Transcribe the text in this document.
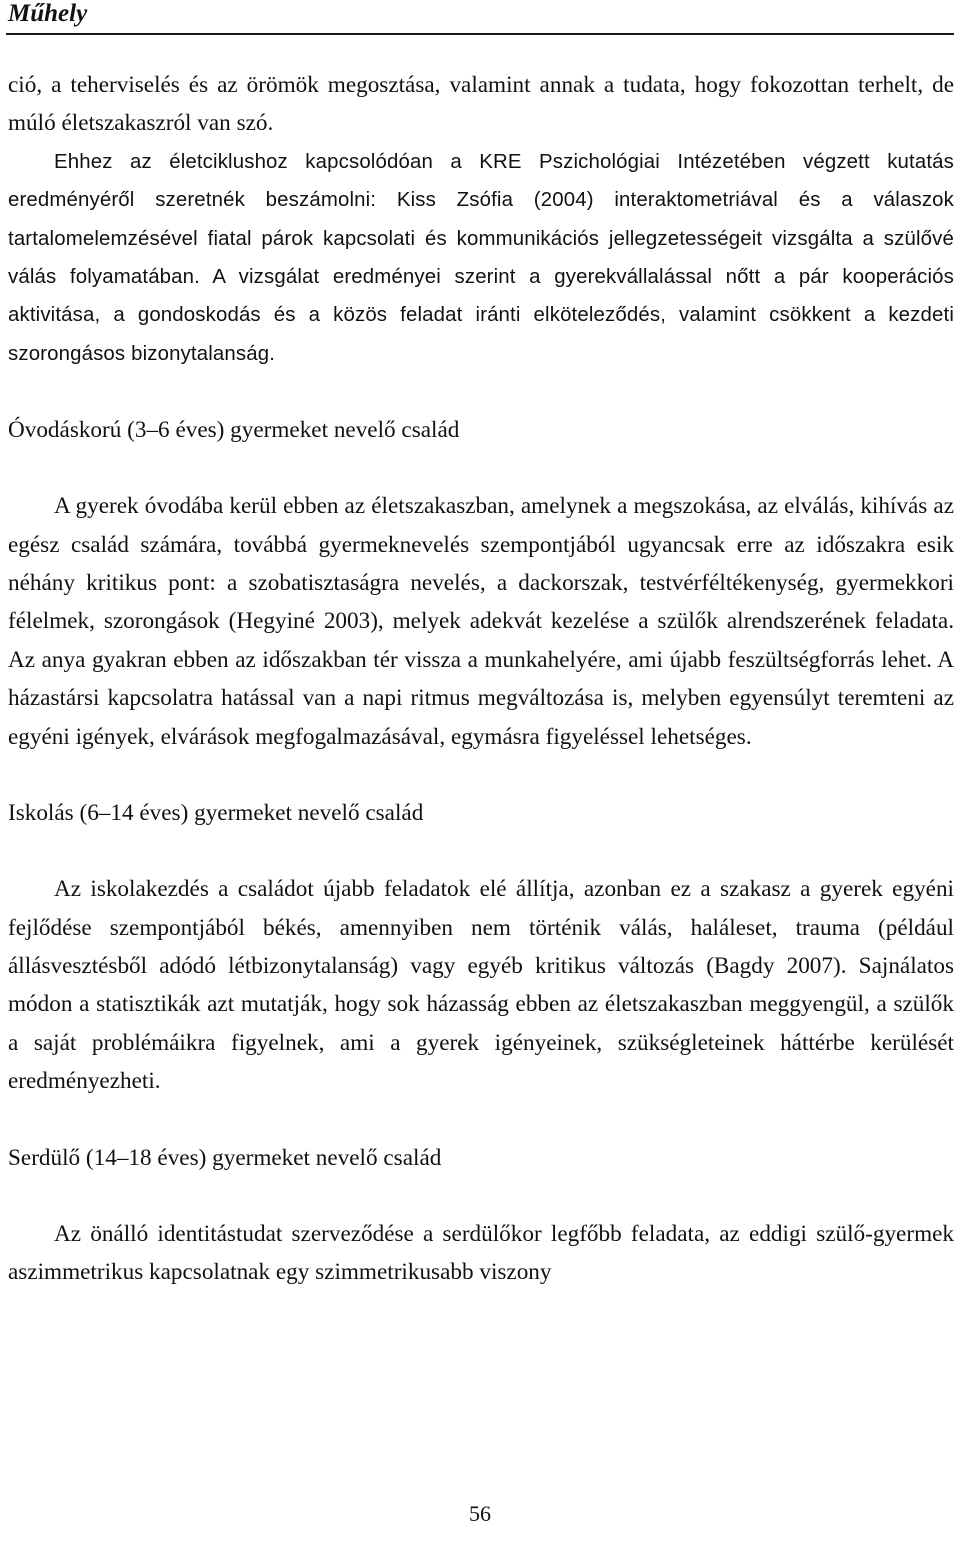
Műhely

ció, a teherviselés és az örömök megosztása, valamint annak a tudata, hogy fokozottan terhelt, de múló életszakaszról van szó.

Ehhez az életciklushoz kapcsolódóan a KRE Pszichológiai Intézetében végzett kutatás eredményéről szeretnék beszámolni: Kiss Zsófia (2004) interaktometriával és a válaszok tartalomelemzésével fiatal párok kapcsolati és kommunikációs jellegzetességeit vizsgálta a szülővé válás folyamatában. A vizsgálat eredményei szerint a gyerekvállalással nőtt a pár kooperációs aktivitása, a gondoskodás és a közös feladat iránti elköteleződés, valamint csökkent a kezdeti szorongásos bizonytalanság.

Óvodáskorú (3–6 éves) gyermeket nevelő család

A gyerek óvodába kerül ebben az életszakaszban, amelynek a megszokása, az elválás, kihívás az egész család számára, továbbá gyermeknevelés szempontjából ugyancsak erre az időszakra esik néhány kritikus pont: a szobatisztaságra nevelés, a dackorszak, testvérféltékenység, gyermekkori félelmek, szorongások (Hegyiné 2003), melyek adekvát kezelése a szülők alrendszerének feladata. Az anya gyakran ebben az időszakban tér vissza a munkahelyére, ami újabb feszültségforrás lehet. A házastársi kapcsolatra hatással van a napi ritmus megváltozása is, melyben egyensúlyt teremteni az egyéni igények, elvárások megfogalmazásával, egymásra figyeléssel lehetséges.

Iskolás (6–14 éves) gyermeket nevelő család

Az iskolakezdés a családot újabb feladatok elé állítja, azonban ez a szakasz a gyerek egyéni fejlődése szempontjából békés, amennyiben nem történik válás, haláleset, trauma (például állásvesztésből adódó létbizonytalanság) vagy egyéb kritikus változás (Bagdy 2007). Sajnálatos módon a statisztikák azt mutatják, hogy sok házasság ebben az életszakaszban meggyengül, a szülők a saját problémáikra figyelnek, ami a gyerek igényeinek, szükségleteinek háttérbe kerülését eredményezheti.

Serdülő (14–18 éves) gyermeket nevelő család

Az önálló identitástudat szerveződése a serdülőkor legfőbb feladata, az eddigi szülő-gyermek aszimmetrikus kapcsolatnak egy szimmetrikusabb viszony

56
